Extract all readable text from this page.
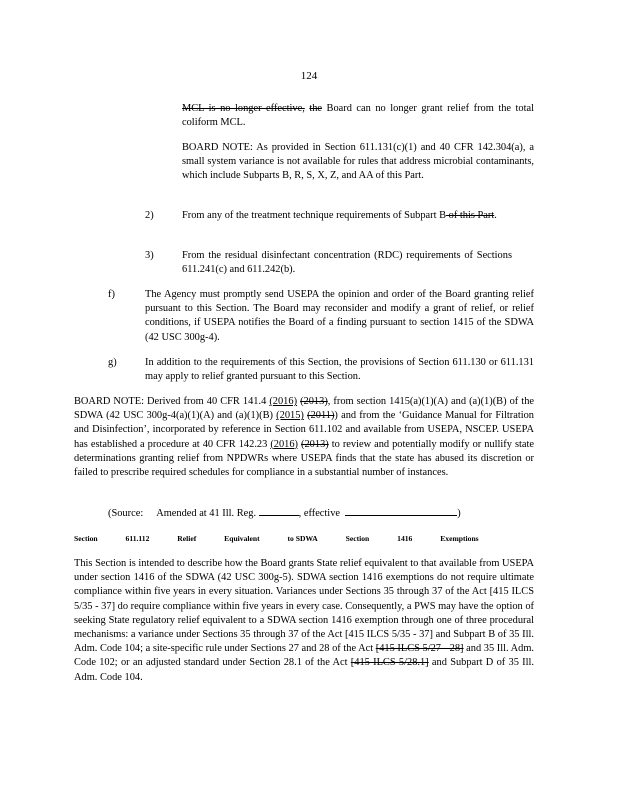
124

MCL is no longer effective, the Board can no longer grant relief from the total coliform MCL.

BOARD NOTE: As provided in Section 611.131(c)(1) and 40 CFR 142.304(a), a small system variance is not available for rules that address microbial contaminants, which include Subparts B, R, S, X, Z, and AA of this Part.

2)	From any of the treatment technique requirements of Subpart B of this Part.

3)	From the residual disinfectant concentration (RDC) requirements of Sections 611.241(c) and 611.242(b).

f)	The Agency must promptly send USEPA the opinion and order of the Board granting relief pursuant to this Section. The Board may reconsider and modify a grant of relief, or relief conditions, if USEPA notifies the Board of a finding pursuant to section 1415 of the SDWA (42 USC 300g-4).

g)	In addition to the requirements of this Section, the provisions of Section 611.130 or 611.131 may apply to relief granted pursuant to this Section.

BOARD NOTE: Derived from 40 CFR 141.4 (2016) (2013), from section 1415(a)(1)(A) and (a)(1)(B) of the SDWA (42 USC 300g-4(a)(1)(A) and (a)(1)(B) (2015) (2011)) and from the ‘Guidance Manual for Filtration and Disinfection’, incorporated by reference in Section 611.102 and available from USEPA, NSCEP. USEPA has established a procedure at 40 CFR 142.23 (2016) (2013) to review and potentially modify or nullify state determinations granting relief from NPDWRs where USEPA finds that the state has abused its discretion or failed to prescribe required schedules for compliance in a substantial number of instances.

(Source: Amended at 41 Ill. Reg.	, effective	)

Section	611.112	Relief	Equivalent	to SDWA	Section	1416	Exemptions

This Section is intended to describe how the Board grants State relief equivalent to that available from USEPA under section 1416 of the SDWA (42 USC 300g-5). SDWA section 1416 exemptions do not require ultimate compliance within five years in every situation. Variances under Sections 35 through 37 of the Act [415 ILCS 5/35 - 37] do require compliance within five years in every case. Consequently, a PWS may have the option of seeking State regulatory relief equivalent to a SDWA section 1416 exemption through one of three procedural mechanisms: a variance under Sections 35 through 37 of the Act [415 ILCS 5/35 - 37] and Subpart B of 35 Ill. Adm. Code 104; a site-specific rule under Sections 27 and 28 of the Act [415 ILCS 5/27 - 28] and 35 Ill. Adm. Code 102; or an adjusted standard under Section 28.1 of the Act [415 ILCS 5/28.1] and Subpart D of 35 Ill. Adm. Code 104.
